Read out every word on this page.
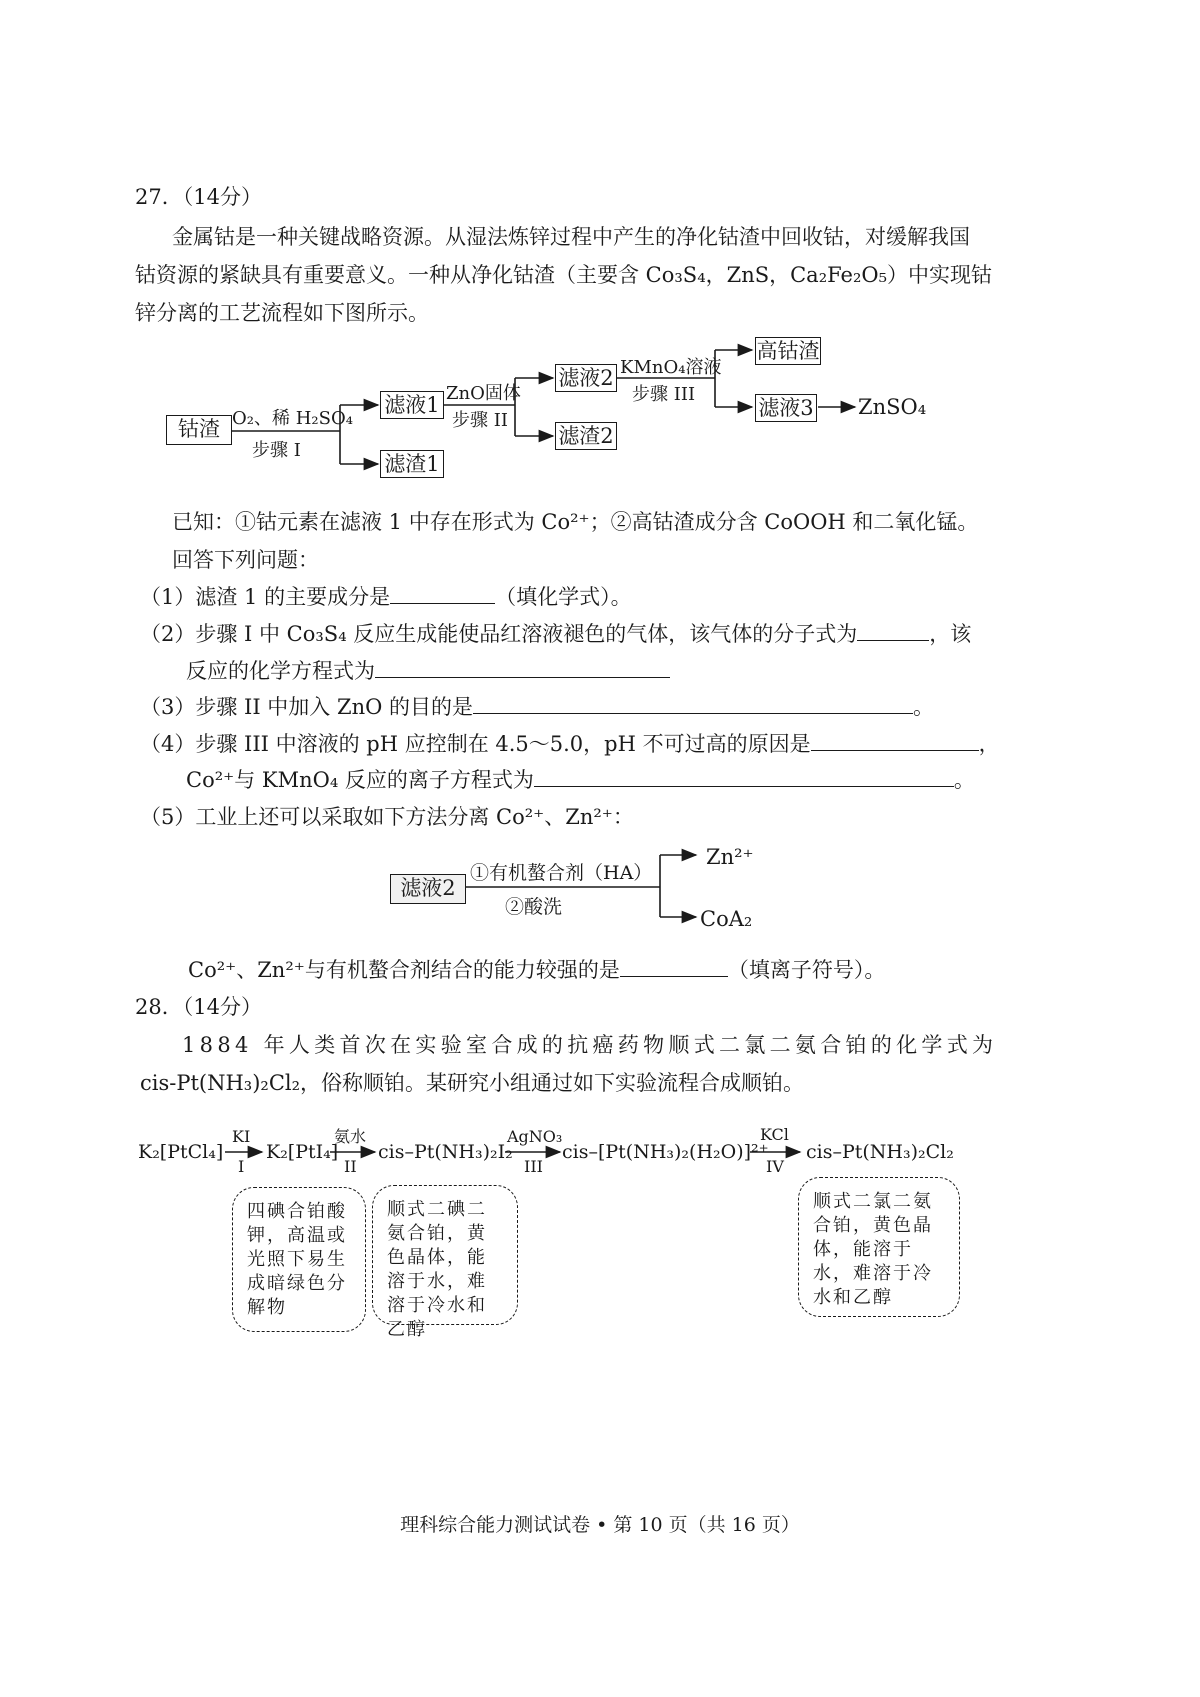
27．（14分）
金属钴是一种关键战略资源。从湿法炼锌过程中产生的净化钴渣中回收钴，对缓解我国
钴资源的紧缺具有重要意义。一种从净化钴渣（主要含 Co₃S₄，ZnS，Ca₂Fe₂O₅）中实现钴
锌分离的工艺流程如下图所示。
钴渣 O₂、稀 H₂SO₄
步骤 I
滤液1
滤渣1
ZnO固体
步骤 II
滤液2
滤渣2
KMnO₄溶液
步骤 III
高钴渣
滤液3 ZnSO₄
已知：①钴元素在滤液 1 中存在形式为 Co²⁺；②高钴渣成分含 CoOOH 和二氧化锰。
回答下列问题：
（1）滤渣 1 的主要成分是	（填化学式）。
（2）步骤 I 中 Co₃S₄ 反应生成能使品红溶液褪色的气体，该气体的分子式为	，该
反应的化学方程式为
（3）步骤 II 中加入 ZnO 的目的是	。
（4）步骤 III 中溶液的 pH 应控制在 4.5～5.0，pH 不可过高的原因是	，
Co²⁺与 KMnO₄ 反应的离子方程式为	。
（5）工业上还可以采取如下方法分离 Co²⁺、Zn²⁺：
滤液2
①有机螯合剂（HA）
②酸洗
Zn²⁺
CoA₂
Co²⁺、Zn²⁺与有机螯合剂结合的能力较强的是	（填离子符号）。
28．（14分）
1884 年人类首次在实验室合成的抗癌药物顺式二氯二氨合铂的化学式为
cis-Pt(NH₃)₂Cl₂，俗称顺铂。某研究小组通过如下实验流程合成顺铂。
K₂[PtCl₄]
KI
I
K₂[PtI₄]
氨水
II
cis–Pt(NH₃)₂I₂
AgNO₃
III
cis–[Pt(NH₃)₂(H₂O)]²⁺
KCl
IV
cis–Pt(NH₃)₂Cl₂
四碘合铂酸钾，高温或光照下易生成暗绿色分解物
顺式二碘二氨合铂，黄色晶体，能溶于水，难溶于冷水和乙醇
顺式二氯二氨合铂，黄色晶体，能溶于水，难溶于冷水和乙醇
理科综合能力测试试卷 • 第 10 页（共 16 页）
